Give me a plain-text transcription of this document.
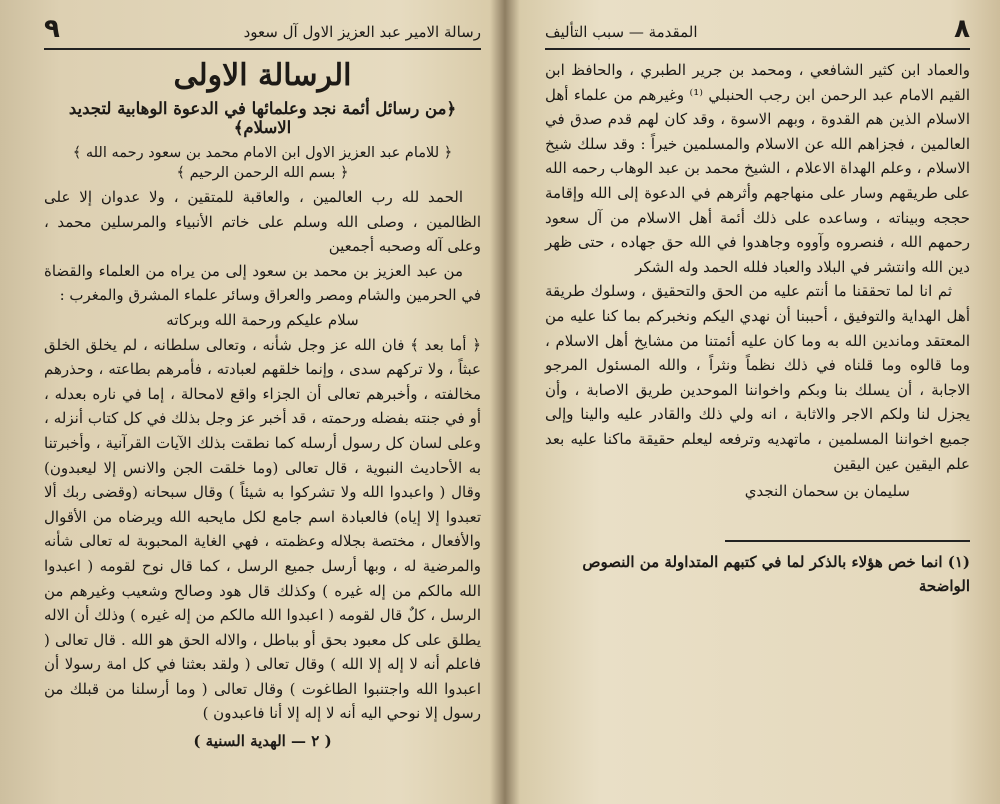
رسالة الامير عبد العزيز الاول آل سعود
٩
الرسالة الاولى
﴿من رسائل أئمة نجد وعلمائها في الدعوة الوهابية لتجديد الاسلام﴾
﴿ للامام عبد العزيز الاول ابن الامام محمد بن سعود رحمه الله ﴾
﴿ بسم الله الرحمن الرحيم ﴾

الحمد لله رب العالمين ، والعاقبة للمتقين ، ولا عدوان إلا على الظالمين ، وصلى الله وسلم على خاتم الأنبياء والمرسلين محمد ، وعلى آله وصحبه أجمعين

من عبد العزيز بن محمد بن سعود إلى من يراه من العلماء والقضاة في الحرمين والشام ومصر والعراق وسائر علماء المشرق والمغرب :

سلام عليكم ورحمة الله وبركاته

﴿ أما بعد ﴾ فان الله عز وجل شأنه ، وتعالى سلطانه ، لم يخلق الخلق عبثاً ، ولا تركهم سدى ، وإنما خلقهم لعبادته ، فأمرهم بطاعته ، وحذرهم مخالفته ، وأخبرهم تعالى أن الجزاء واقع لامحالة ، إما في ناره بعدله ، أو في جنته بفضله ورحمته ، قد أخبر عز وجل بذلك في كل كتاب أنزله ، وعلى لسان كل رسول أرسله كما نطقت بذلك الآيات القرآنية ، وأخبرتنا به الأحاديث النبوية ، قال تعالى (وما خلقت الجن والانس إلا ليعبدون) وقال ( واعبدوا الله ولا تشركوا به شيئاً ) وقال سبحانه (وقضى ربك ألا تعبدوا إلا إياه) فالعبادة اسم جامع لكل مايحبه الله ويرضاه من الأقوال والأفعال ، مختصة بجلاله وعظمته ، فهي الغاية المحبوبة له تعالى شأنه والمرضية له ، وبها أرسل جميع الرسل ، كما قال نوح لقومه ( اعبدوا الله مالكم من إله غيره ) وكذلك قال هود وصالح وشعيب وغيرهم من الرسل ، كلٌ قال لقومه ( اعبدوا الله مالكم من إله غيره ) وذلك أن الاله يطلق على كل معبود بحق أو بباطل ، والاله الحق هو الله . قال تعالى ( فاعلم أنه لا إله إلا الله ) وقال تعالى ( ولقد بعثنا في كل امة رسولا أن اعبدوا الله واجتنبوا الطاغوت ) وقال تعالى ( وما أرسلنا من قبلك من رسول إلا نوحي اليه أنه لا إله إلا أنا فاعبدون )

( ٢ — الهدية السنية )
٨
المقدمة — سبب التأليف

والعماد ابن كثير الشافعي ، ومحمد بن جرير الطبري ، والحافظ ابن القيم الامام عبد الرحمن ابن رجب الحنبلي ⁽¹⁾ وغيرهم من علماء أهل الاسلام الذين هم القدوة ، وبهم الاسوة ، وقد كان لهم قدم صدق في العالمين ، فجزاهم الله عن الاسلام والمسلمين خيراً : وقد سلك شيخ الاسلام ، وعلم الهداة الاعلام ، الشيخ محمد بن عبد الوهاب رحمه الله على طريقهم وسار على منهاجهم وأثرهم في الدعوة إلى الله وإقامة حججه وبيناته ، وساعده على ذلك أئمة أهل الاسلام من آل سعود رحمهم الله ، فنصروه وآووه وجاهدوا في الله حق جهاده ، حتى ظهر دين الله وانتشر في البلاد والعباد فلله الحمد وله الشكر

ثم انا لما تحققنا ما أنتم عليه من الحق والتحقيق ، وسلوك طريقة أهل الهداية والتوفيق ، أحببنا أن نهدي اليكم ونخبركم بما كنا عليه من المعتقد وماندين الله به وما كان عليه أئمتنا من مشايخ أهل الاسلام ، وما قالوه وما قلناه في ذلك نظماً ونثراً ، والله المسئول المرجو الاجابة ، أن يسلك بنا وبكم واخواننا الموحدين طريق الاصابة ، وأن يجزل لنا ولكم الاجر والاثابة ، انه ولي ذلك والقادر عليه والينا وإلى جميع اخواننا المسلمين ، ماتهديه وترفعه ليعلم حقيقة ماكنا عليه بعد علم اليقين عين اليقين

سليمان بن سحمان النجدي

(١) انما خص هؤلاء بالذكر لما في كتبهم المتداولة من النصوص الواضحة
